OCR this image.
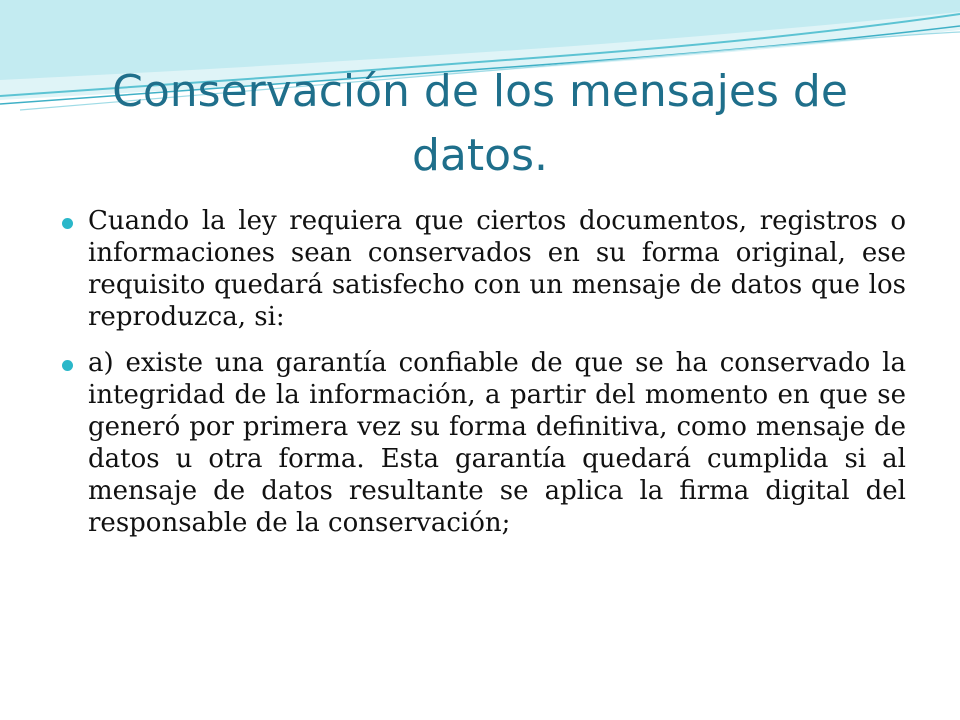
Conservación de los mensajes de datos.
Cuando la ley requiera que ciertos documentos, registros o informaciones sean conservados en su forma original, ese requisito quedará satisfecho con un mensaje de datos que los reproduzca, si:
a) existe una garantía confiable de que se ha conservado la integridad de la información, a partir del momento en que se generó por primera vez su forma definitiva, como mensaje de datos u otra forma. Esta garantía quedará cumplida si al mensaje de datos resultante se aplica la firma digital del responsable de la conservación;
